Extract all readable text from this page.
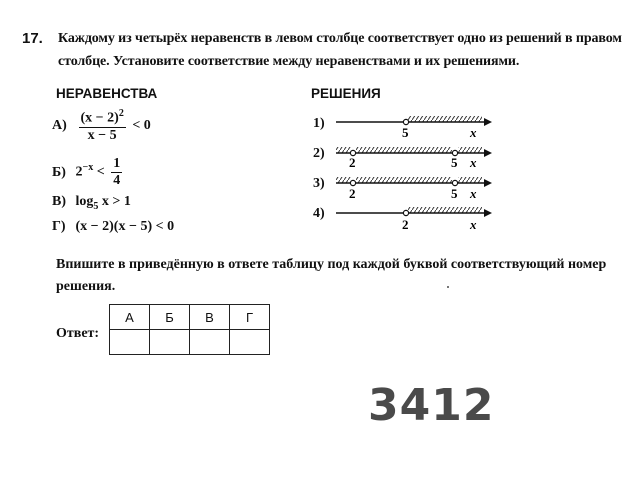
17. Каждому из четырёх неравенств в левом столбце соответствует одно из решений в правом столбце. Установите соответствие между неравенствами и их решениями.
НЕРАВЕНСТВА	РЕШЕНИЯ
$А) \frac{(x - 2)^2}{x - 5} < 0$
Б) $2^{-x} < \frac{1}{4}$
В) $\log_5 x > 1$
Г) (x − 2)(x − 5) < 0
1)
2)
3)
4)
5	x
2	5 x
2	5 x
2	x
Впишите в приведённую в ответе таблицу под каждой буквой соответствующий номер решения.
Ответ:
А	Б	В	Г

3412
